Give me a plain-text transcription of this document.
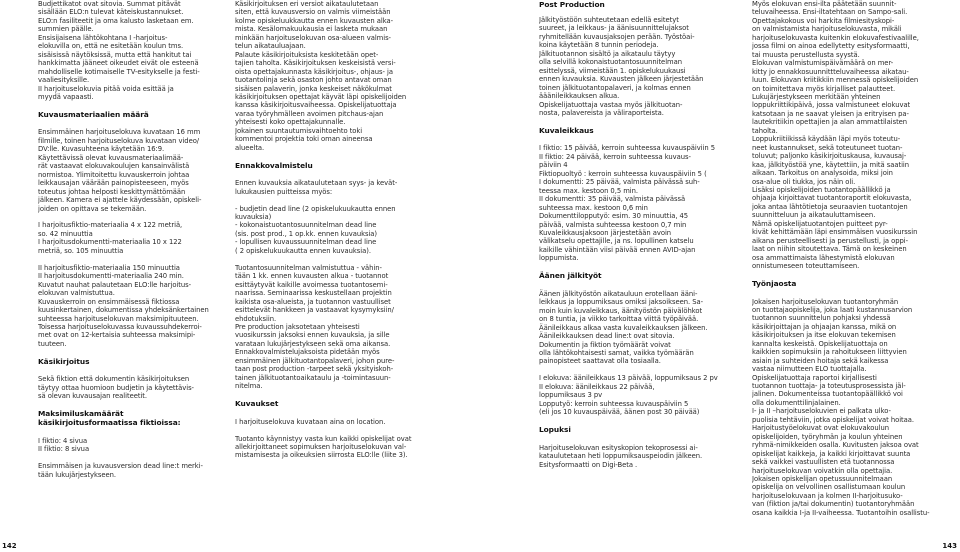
Budjettikatot ovat sitovia. Summat pitävät
sisällään ELO:n tulevat käteiskustannukset.
ELO:n fasiliteetit ja oma kalusto lasketaan em.
summien päälle.

Ensisijaisena lähtökohtana I -harjoitus-
elokuvilla on, että ne esitetään koulun tms.
sisäisissä näytöksissä, mutta että hankitut tai
hankkimatta jääneet oikeudet eivät ole esteenä
mahdolliselle kotimaiselle TV-esitykselle ja festi-
vaaliesityksille.

II harjoituselokuvia pitää voida esittää ja
myydä vapaasti.

Kuvausmateriaalien määrä

Ensimmäinen harjoituselokuva kuvataan 16 mm
filmille, toinen harjoituselokuva kuvataan video/
DV:lle. Kuvasuhteena käytetään 16:9.
Käytettävissä olevat kuvausmateriaalimää-
rät vastaavat elokuvakoulujen kansainvälistä
normistoa. Ylimitoitettu kuvauskerroin johtaa
leikkausajan väärään painopisteeseen, myös
toteutus johtaa helposti keskittymättömään
jälkeen. Kamera ei ajattele käydessään, opiskeli-
joiden on opittava se tekemään.

I harjoitusfiktio-materiaalia 4 x 122 metriä,
so. 42 minuuttia
I harjoitusdokumentti-materiaalia 10 x 122
metriä, so. 105 minuuttia

II harjoitusfiktio-materiaalia 150 minuuttia
II harjoitusdokumentti-materiaalia 240 min.
Kuvatut nauhat palautetaan ELO:lle harjoitus-
elokuvan valmistuttua.
Kuvauskerroin on ensimmäisessä fiktiossa
kuusinkertainen, dokumentissa yhdeksänkertainen
suhteessa harjoituselokuvan maksimipituuteen.
Toisessa harjoituselokuvassa kuvaussuhdekerroi-
met ovat on 12-kertaisia suhteessa maksimipi-
tuuteen.

Käsikirjoitus

Sekä fiktion että dokumentin käsikirjoituksen
täytyy ottaa huomioon budjetin ja käytettävis-
sä olevan kuvausajan realiteetit.

Maksimiluskamäärät käsikirjoitusformaatissa fiktioissa:

I fiktio: 4 sivua
II fiktio: 8 sivua

Ensimmäisen ja kuvausversion dead line:t merki-
tään lukujärjestykseen.

Käsikirjoituksen eri versiot aikataulutetaan
siten, että kuvausversio on valmis viimeistään
kolme opiskeluukkautta ennen kuvausten alka-
mista. Kesälomakuukausia ei lasketa mukaan
minkään harjoituselokuvan osa-alueen valmis-
telun aikatauluajaan.

Palaute käsikirjoituksista keskitetään opet-
tajien taholta. Käsikirjoituksen keskeisistä versi-
oista opettajakunnasta käsikirjoitus-, ohjaus- ja
tuotantolinja sekä osaston johto antavat oman
sisäisen palaverin, jonka keskeiset näkökulmat
käsikirjoituksen opettajat käyvät läpi opiskelijoiden
kanssa käsikirjoitusvaiheessa. Opiskelijatuottaja
varaa työryhmälleen avoimen pitchaus-ajan
yhteisesti koko opettajakunnalle.

Jokainen suuntautumisvaihtoehto toki
kommentoi projektia toki oman aineensa
alueelta.

Ennakkovalmistelu

Ennen kuvauksia aikataulutetaan syys- ja kevät-
lukukausien puitteissa myös:

- budjetin dead line (2 opiskelukuukautta ennen
kuvauksia)
- kokonaistuotantosuunnitelman dead line
(sis. post prod., 1 op.kk. ennen kuvauksia)
- lopullisen kuvaussuunnitelman dead line
( 2 opiskelukuukautta ennen kuvauksia).

Tuotantosuunnitelman valmistuttua - vähin-
tään 1 kk. ennen kuvausten alkua - tuotannot
esittäytyvät kaikille avoimessa tuotantosemi-
naarissa. Seminaarissa keskustellaan projektin
kaikista osa-alueista, ja tuotannon vastuulliset
esittelevät hankkeen ja vastaavat kysymyksiin/
ehdotuksiin.

Pre production jaksotetaan yhteisesti
vuosikurssin jaksoksi ennen kuvauksia, ja sille
varataan lukujärjestykseen sekä oma aikansa.

Ennakkovalmistelujaksoista pidetään myös
ensimmäinen jälkituotantopalaveri, johon pure-
taan post production -tarpeet sekä yksityiskoh-
tainen jälkituotantoaikataulu ja -toimintasuun-
nitelma.

Kuvaukset

I harjoituselokuva kuvataan aina on location.

Tuotanto käynnistyy vasta kun kaikki opiskelijat ovat
allekirjoittaneet sopimuksen harjoituselokuvan val-
mistamisesta ja oikeuksien siirrosta ELO:lle (liite 3).

Post Production

Jälkityöstöön suhteutetaan edellä esitetyt
suureet, ja leikkaus- ja äänisuunnittelujaksot
ryhmitellään kuvausjaksojen perään. Työstöai-
koina käytetään 8 tunnin periodeja.

Jälkituotannon sisältö ja aikataulu täytyy
olla selvillä kokonaistuotantosuunnitelman
esittelyssä, viimeistään 1. opiskelukuukausi
ennen kuvauksia. Kuvausten jälkeen järjestetään
toinen jälkituotantopalaveri, ja kolmas ennen
ääänileikkauksen alkua.

Opiskelijatuottaja vastaa myös jälkituotan-
nosta, palavereista ja väliraporteista.

Kuvaleikkaus

I fiktio: 15 päivää, kerroin suhteessa kuvauspäiviin 5
II fiktio: 24 päivää, kerroin suhteessa kuvaus-
päiviin 4
Fiktiopuoltyö : kerroin suhteessa kuvauspäiviin 5 (
I dokumentti: 25 päivää, valmista päivässä suh-
teessa max. kestoon 0,5 min.
II dokumentti: 35 päivää, valmista päivässä
suhteessa max. kestoon 0,6 min
Dokumenttilopputyö: esim. 30 minuuttia, 45
päivää, valmista suhteessa kestoon 0,7 min

Kuvaleikkausjaksoon järjestetään avoin
välikatselu opettajille, ja ns. lopullinen katselu
kaikille vähintään viisi päivää ennen AVID-ajan
loppumista.

Äänen jälkityöt

Äänen jälkityöstön aikatauluun erotellaan ääni-
leikkaus ja loppumiksaus omiksi jaksoikseen. Sa-
moin kuin kuvaleikkaus, äänityöstön päivälöhkot
on 8 tuntia, ja viikko tarkoittaa viittä työpäivää.
Äänileikkaus alkaa vasta kuvaleikkauksen jälkeen.
Äänileikkauksen dead line:t ovat sitovia.

Dokumentin ja fiktion työmäärät voivat
olla lähtökohtaisesti samat, vaikka työmäärän
painopisteet saattavat olla tosiaalla.

I elokuva: äänileikkaus 13 päivää, loppumiksaus 2 pv
II elokuva: äänileikkaus 22 päivää,
loppumiksaus 3 pv
Lopputyö: kerroin suhteessa kuvauspäiviin 5
(eli jos 10 kuvauspäivää, äänen post 30 päivää)

Lopuksi

Harjoituselokuvan esityskopion tekoprosessi ai-
kataulutetaan heti loppumiksauspeiodin jälkeen.
Esitysformaatti on Digi-Beta .

Myös elokuvan ensi-ilta päätetään suunnit-
teluvaiheessa. Ensi-iltatehtaan on Sampo-sali.

Opettajakokous voi harkita filmiesityskopi-
on valmistamista harjoituselokuvasta, mikäli
harjoituselokuvasta kuitenkin elokuvafestivaalille,
jossa filmi on ainoa edellytetty esitysformaatti,
tai muusta perustellusta syystä.

Elokuvan valmistumispäivämäärä on mer-
kitty jo ennakkosuunnittteluvaiheessa aikatau-
luun. Elokuvan kriitikkiin mennessä opiskelijoiden
on toimitettava myös kirjalliset palautteet.

Lukujärjestykseen merkitään yhteinen
loppukriittikipäivä, jossa valmistuneet elokuvat
katsotaan ja ne saavat yleisen ja eritryisen pa-
lautekritiikin opettajien ja alan ammattilaisten
taholta.

Loppukriitiikissä käydään läpi myös toteutu-
neet kustannukset, sekä toteutuneet tuotan-
toluvut; paljonko käsikirjoituskausa, kuvausaj-
kaa, jälkityöstöä yne, käytettiin, ja mitä saatiin
aikaan. Tarkoitus on analysoida, miksi join
osa-alue oli tiukka, jos näin oli.

Lisäksi opiskelijoiden tuotantopäällikkö ja
ohjaaja kirjoittavat tuotantoraportit elokuvasta,
joka antaa lähtötietoja seuraavien tuotantojen
suunnitteluun ja aikatauluttamiseen.

Nämä opiskelijatuotantojen puitteet pyr-
kivät kehittämään läpi ensimmäisen vuosikurssin
aikana perusteellisesti ja perustellusti, ja oppi-
laat on niihin sitoutettava. Tämä on keskeinen
osa ammattimaista lähestymistä elokuvan
onnistumeseen toteuttamiseen.

Työnjaosta

Jokaisen harjoituselokuvan tuotantoryhmän
on tuottajaopiskelija, joka laati kustannusarvion
tuotannon suunnittelun pohjaksi yhdessä
käsikirjoittajan ja ohjaajan kanssa, mikä on
käsikirjoituksen ja itse elokuvan tekemisen
kannalta keskeistä. Opiskelijatuottaja on
kaikkien sopimuksiin ja rahoitukseen liittyvien
asiain ja suhteiden hoitaja sekä kaikessa
vastaa niimutteen ELO tuottajalla.

Opiskelijatuottaja raportoi kirjallisesti
tuotannon tuottaja- ja toteutusprosessista jäl-
jalinen. Dokumenteissa tuotantopäällikkö voi
olla dokumenttilinjalainen.

I- ja II –harjoituselokuvien ei palkata ulko-
puolisia tehtäviin, jotka opiskelijat voivat hoitaa.

Harjoitustyöelokuvat ovat elokuvakoulun
opiskelijoiden, työryhmän ja koulun yhteinen
ryhmä-nimikkeiden osalla. Kuvitusten jaksoa ovat
opiskelijat kaikkeja, ja kaikki kirjoittavat suunta
sekä vaikkei vastuullisten etä tuotannossa
harjoituselokuvan voivatkin olla opettajia.

Jokaisen opiskelijan opetussuunnitelmaan
opiskelija on velvollinen osallistumaan koulun
harjoituselokuvaan ja kolmen II-harjoitusuko-
van (fiktion ja/tai dokumentin) tuotantoryhmään
osana kaikkia I-ja II-vaiheessa. Tuotantoihin osallistu-

142	143
